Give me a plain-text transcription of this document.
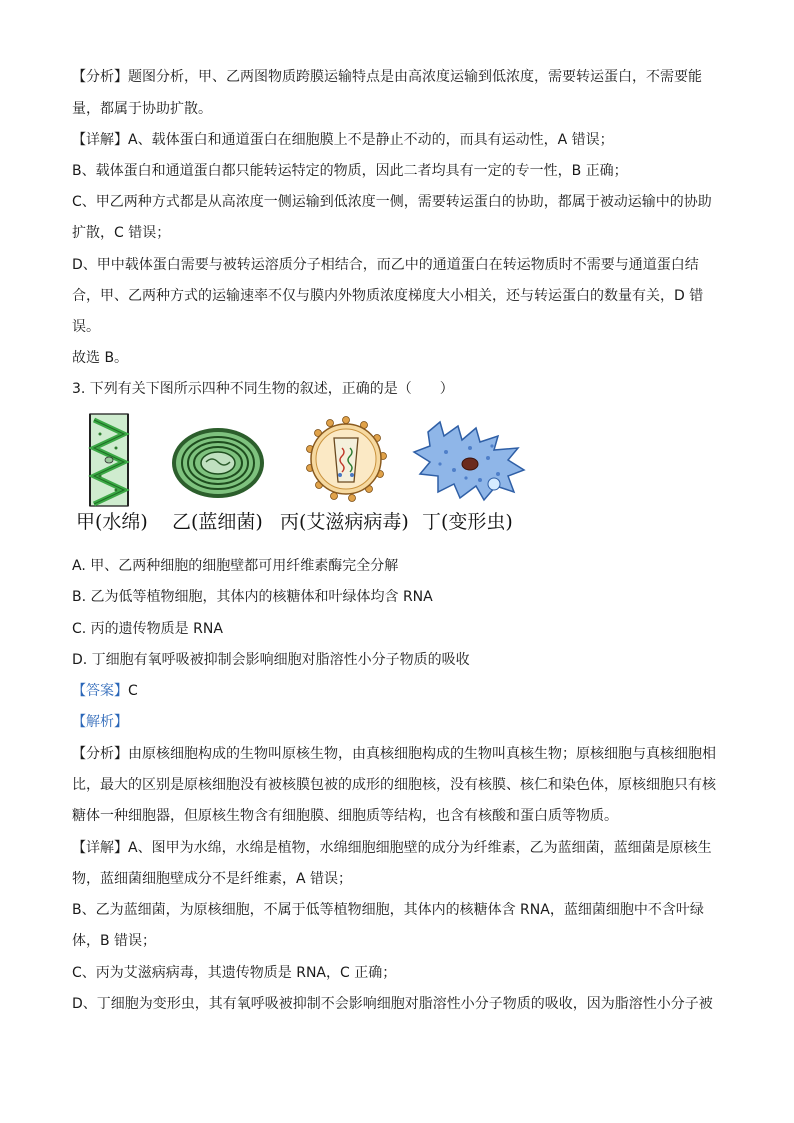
【分析】题图分析，甲、乙两图物质跨膜运输特点是由高浓度运输到低浓度，需要转运蛋白，不需要能
量，都属于协助扩散。
【详解】A、载体蛋白和通道蛋白在细胞膜上不是静止不动的，而具有运动性，A 错误；
B、载体蛋白和通道蛋白都只能转运特定的物质，因此二者均具有一定的专一性，B 正确；
C、甲乙两种方式都是从高浓度一侧运输到低浓度一侧，需要转运蛋白的协助，都属于被动运输中的协助
扩散，C 错误；
D、甲中载体蛋白需要与被转运溶质分子相结合，而乙中的通道蛋白在转运物质时不需要与通道蛋白结
合，甲、乙两种方式的运输速率不仅与膜内外物质浓度梯度大小相关，还与转运蛋白的数量有关，D 错
误。
故选 B。
3. 下列有关下图所示四种不同生物的叙述，正确的是（　　）
甲(水绵) 乙(蓝细菌) 丙(艾滋病病毒) 丁(变形虫)
A. 甲、乙两种细胞的细胞壁都可用纤维素酶完全分解
B. 乙为低等植物细胞，其体内的核糖体和叶绿体均含 RNA
C. 丙的遗传物质是 RNA
D. 丁细胞有氧呼吸被抑制会影响细胞对脂溶性小分子物质的吸收
【答案】C
【解析】
【分析】由原核细胞构成的生物叫原核生物，由真核细胞构成的生物叫真核生物；原核细胞与真核细胞相
比，最大的区别是原核细胞没有被核膜包被的成形的细胞核，没有核膜、核仁和染色体，原核细胞只有核
糖体一种细胞器，但原核生物含有细胞膜、细胞质等结构，也含有核酸和蛋白质等物质。
【详解】A、图甲为水绵，水绵是植物，水绵细胞细胞壁的成分为纤维素，乙为蓝细菌，蓝细菌是原核生
物，蓝细菌细胞壁成分不是纤维素，A 错误；
B、乙为蓝细菌，为原核细胞，不属于低等植物细胞，其体内的核糖体含 RNA，蓝细菌细胞中不含叶绿
体，B 错误；
C、丙为艾滋病病毒，其遗传物质是 RNA，C 正确；
D、丁细胞为变形虫，其有氧呼吸被抑制不会影响细胞对脂溶性小分子物质的吸收，因为脂溶性小分子被
